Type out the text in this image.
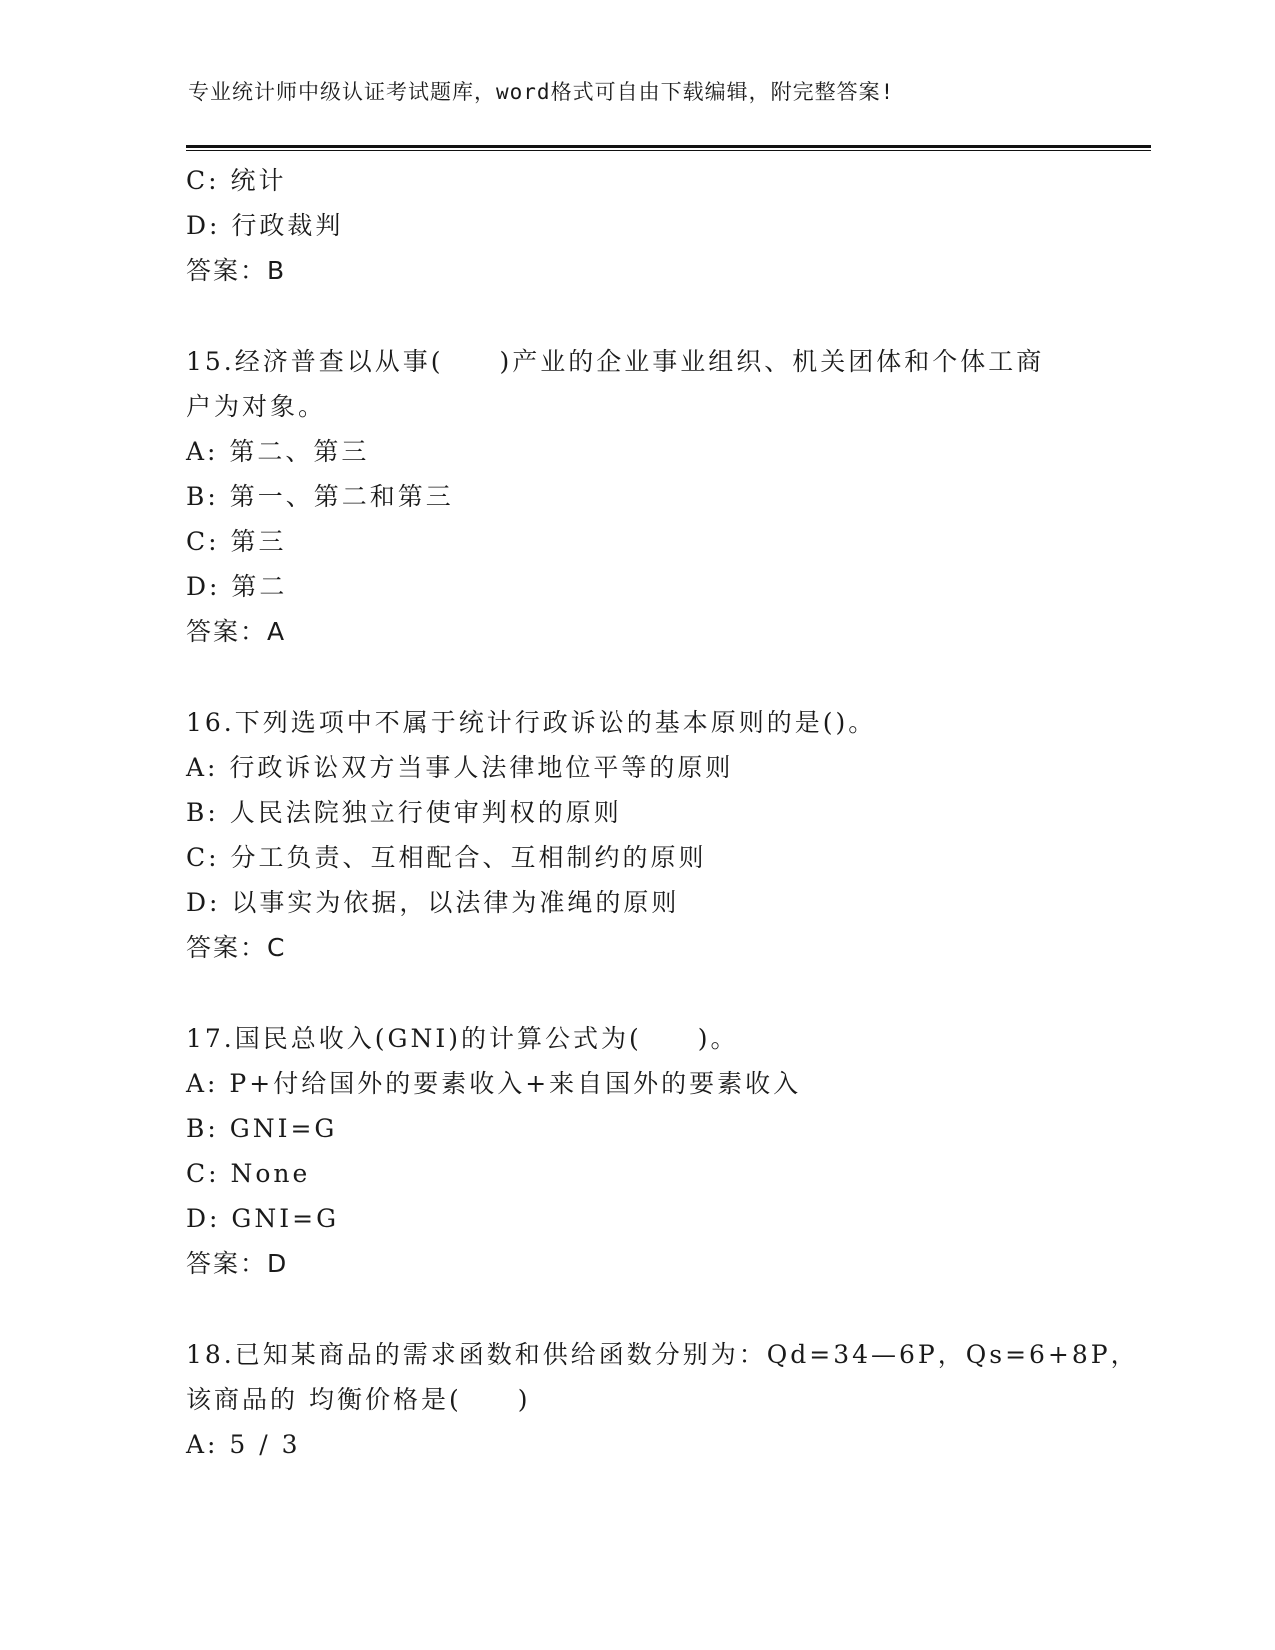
专业统计师中级认证考试题库，word格式可自由下载编辑，附完整答案!
C: 统计
D: 行政裁判
答案：B
15.经济普查以从事(　　)产业的企业事业组织、机关团体和个体工商
户为对象。
A: 第二、第三
B: 第一、第二和第三
C: 第三
D: 第二
答案：A
16.下列选项中不属于统计行政诉讼的基本原则的是()。
A: 行政诉讼双方当事人法律地位平等的原则
B: 人民法院独立行使审判权的原则
C: 分工负责、互相配合、互相制约的原则
D: 以事实为依据，以法律为准绳的原则
答案：C
17.国民总收入(GNI)的计算公式为(　　)。
A: P+付给国外的要素收入+来自国外的要素收入
B: GNI=G
C: None
D: GNI=G
答案：D
18.已知某商品的需求函数和供给函数分别为：Qd=34—6P，Qs=6+8P，
该商品的 均衡价格是(　　)
A: 5 / 3
